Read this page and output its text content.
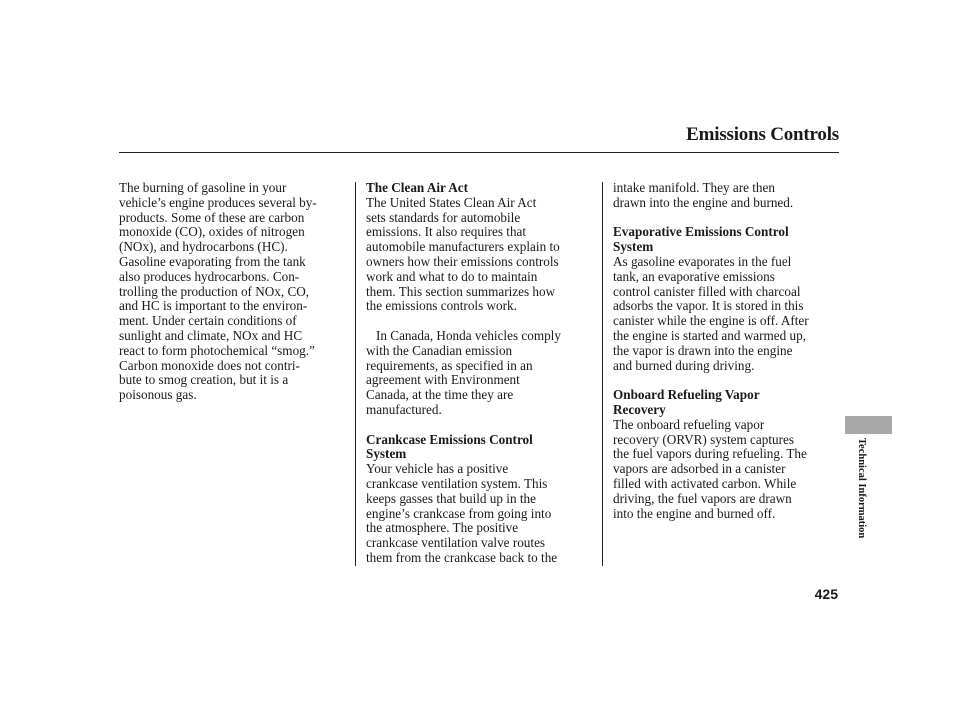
Emissions Controls
The burning of gasoline in your
vehicle’s engine produces several by-
products. Some of these are carbon
monoxide (CO), oxides of nitrogen
(NOx), and hydrocarbons (HC).
Gasoline evaporating from the tank
also produces hydrocarbons. Con-
trolling the production of NOx, CO,
and HC is important to the environ-
ment. Under certain conditions of
sunlight and climate, NOx and HC
react to form photochemical “smog.”
Carbon monoxide does not contri-
bute to smog creation, but it is a
poisonous gas.
The Clean Air Act
The United States Clean Air Act
sets standards for automobile
emissions. It also requires that
automobile manufacturers explain to
owners how their emissions controls
work and what to do to maintain
them. This section summarizes how
the emissions controls work.
In Canada, Honda vehicles comply
with the Canadian emission
requirements, as specified in an
agreement with Environment
Canada, at the time they are
manufactured.
Crankcase Emissions Control
System
Your vehicle has a positive
crankcase ventilation system. This
keeps gasses that build up in the
engine’s crankcase from going into
the atmosphere. The positive
crankcase ventilation valve routes
them from the crankcase back to the
intake manifold. They are then
drawn into the engine and burned.
Evaporative Emissions Control
System
As gasoline evaporates in the fuel
tank, an evaporative emissions
control canister filled with charcoal
adsorbs the vapor. It is stored in this
canister while the engine is off. After
the engine is started and warmed up,
the vapor is drawn into the engine
and burned during driving.
Onboard Refueling Vapor
Recovery
The onboard refueling vapor
recovery (ORVR) system captures
the fuel vapors during refueling. The
vapors are adsorbed in a canister
filled with activated carbon. While
driving, the fuel vapors are drawn
into the engine and burned off.	Technical Information
425
